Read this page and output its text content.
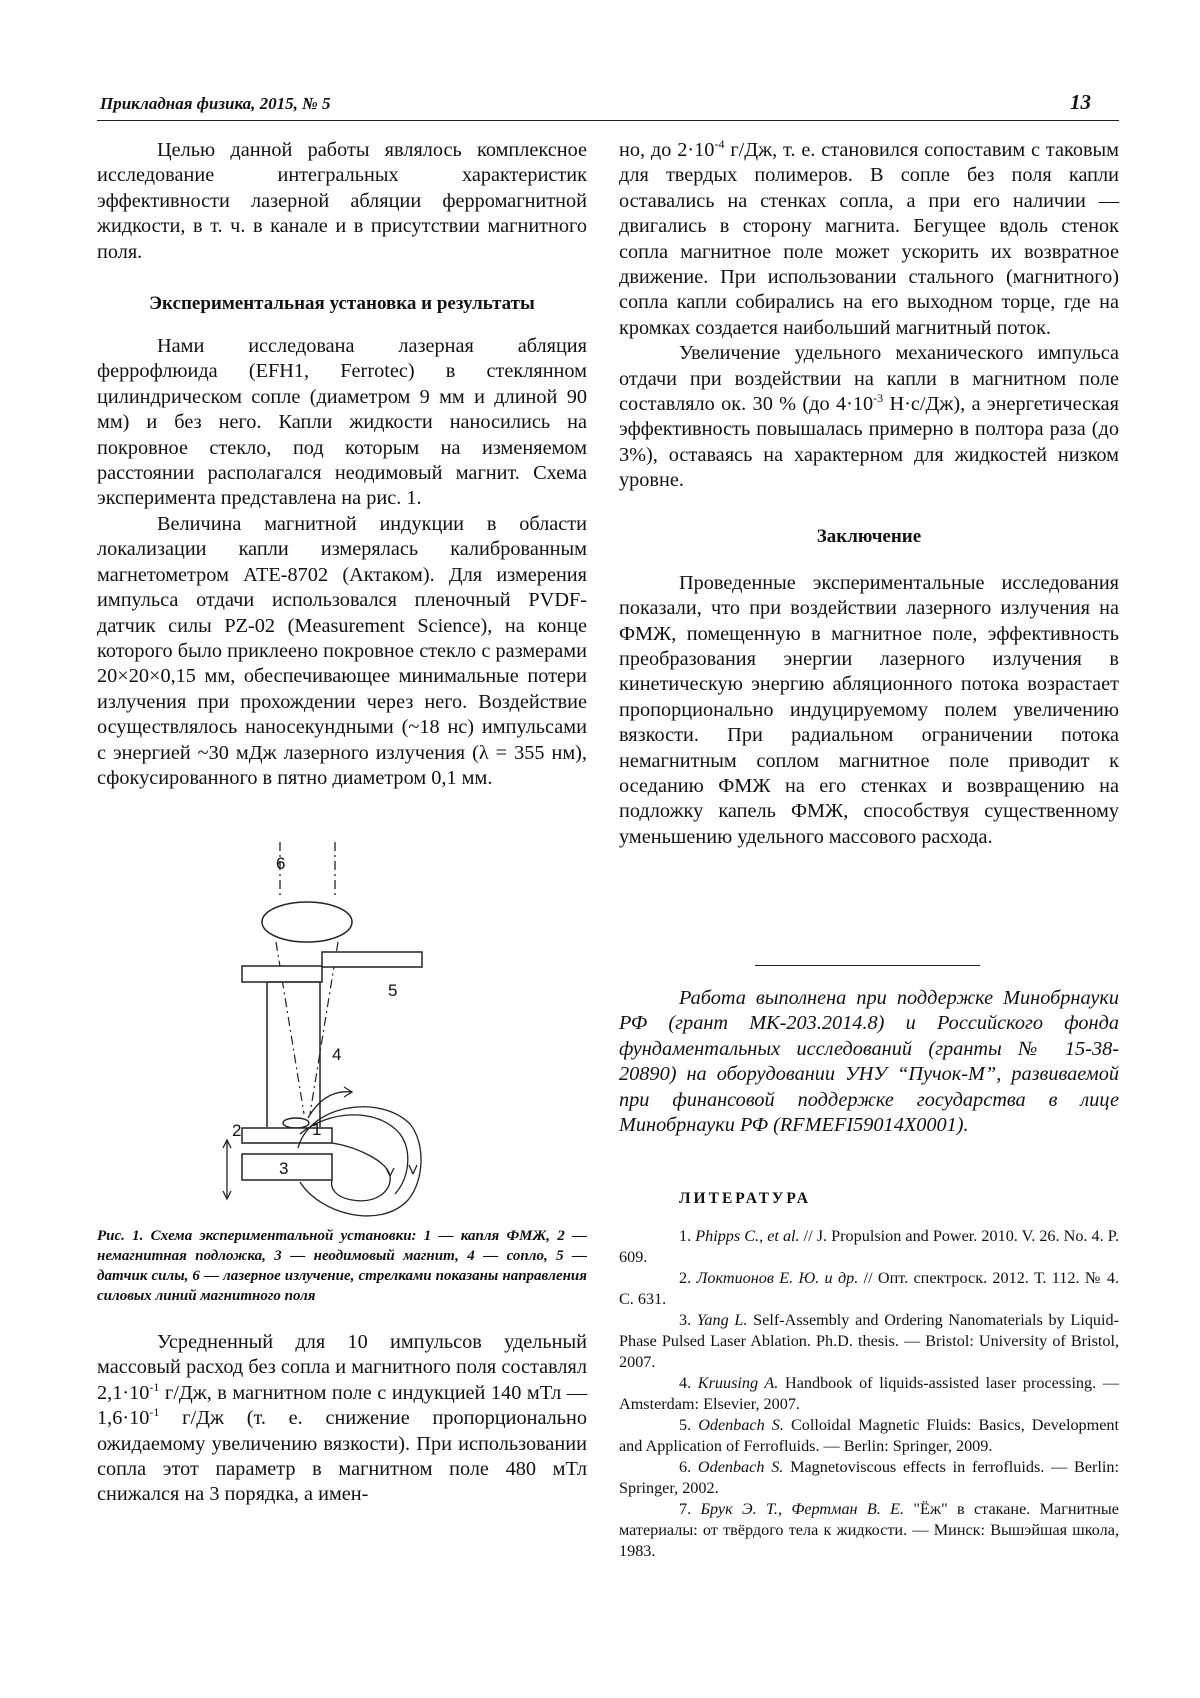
Прикладная физика, 2015, № 5	13

Целью данной работы являлось комплексное исследование интегральных характеристик эффективности лазерной абляции ферромагнитной жидкости, в т. ч. в канале и в присутствии магнитного поля.

Экспериментальная установка и результаты

Нами исследована лазерная абляция феррофлюида (EFH1, Ferrotec) в стеклянном цилиндрическом сопле (диаметром 9 мм и длиной 90 мм) и без него. Капли жидкости наносились на покровное стекло, под которым на изменяемом расстоянии располагался неодимовый магнит. Схема эксперимента представлена на рис. 1.

Величина магнитной индукции в области локализации капли измерялась калиброванным магнетометром АТЕ-8702 (Актаком). Для измерения импульса отдачи использовался пленочный PVDF-датчик силы PZ-02 (Measurement Science), на конце которого было приклеено покровное стекло с размерами 20×20×0,15 мм, обеспечивающее минимальные потери излучения при прохождении через него. Воздействие осуществлялось наносекундными (~18 нс) импульсами с энергией ~30 мДж лазерного излучения (λ = 355 нм), сфокусированного в пятно диаметром 0,1 мм.

6
5
4
1
2
3

Рис. 1. Схема экспериментальной установки: 1 — капля ФМЖ, 2 — немагнитная подложка, 3 — неодимовый магнит, 4 — сопло, 5 — датчик силы, 6 — лазерное излучение, стрелками показаны направления силовых линий магнитного поля

Усредненный для 10 импульсов удельный массовый расход без сопла и магнитного поля составлял $2,1\cdot 10^{-1}$ г/Дж, в магнитном поле с индукцией 140 мТл — $1,6\cdot 10^{-1}$ г/Дж (т. е. снижение пропорционально ожидаемому увеличению вязкости). При использовании сопла этот параметр в магнитном поле 480 мТл снижался на 3 порядка, а имен-

но, до $2\cdot 10^{-4}$ г/Дж, т. е. становился сопоставим с таковым для твердых полимеров. В сопле без поля капли оставались на стенках сопла, а при его наличии — двигались в сторону магнита. Бегущее вдоль стенок сопла магнитное поле может ускорить их возвратное движение. При использовании стального (магнитного) сопла капли собирались на его выходном торце, где на кромках создается наибольший магнитный поток.

Увеличение удельного механического импульса отдачи при воздействии на капли в магнитном поле составляло ок. 30 % (до $4\cdot 10^{-3}$ Н·с/Дж), а энергетическая эффективность повышалась примерно в полтора раза (до 3%), оставаясь на характерном для жидкостей низком уровне.

Заключение

Проведенные экспериментальные исследования показали, что при воздействии лазерного излучения на ФМЖ, помещенную в магнитное поле, эффективность преобразования энергии лазерного излучения в кинетическую энергию абляционного потока возрастает пропорционально индуцируемому полем увеличению вязкости. При радиальном ограничении потока немагнитным соплом магнитное поле приводит к оседанию ФМЖ на его стенках и возвращению на подложку капель ФМЖ, способствуя существенному уменьшению удельного массового расхода.

Работа выполнена при поддержке Минобрнауки РФ (грант МК-203.2014.8) и Российского фонда фундаментальных исследований (гранты № 15-38-20890) на оборудовании УНУ “Пучок-М”, развиваемой при финансовой поддержке государства в лице Минобрнауки РФ (RFMEFI59014X0001).

ЛИТЕРАТУРА

1. Phipps C., et al. // J. Propulsion and Power. 2010. V. 26. No. 4. P. 609.

2. Локтионов Е. Ю. и др. // Опт. спектроск. 2012. Т. 112. № 4. С. 631.

3. Yang L. Self-Assembly and Ordering Nanomaterials by Liquid-Phase Pulsed Laser Ablation. Ph.D. thesis. — Bristol: University of Bristol, 2007.

4. Kruusing A. Handbook of liquids-assisted laser processing. — Amsterdam: Elsevier, 2007.

5. Odenbach S. Colloidal Magnetic Fluids: Basics, Development and Application of Ferrofluids. — Berlin: Springer, 2009.

6. Odenbach S. Magnetoviscous effects in ferrofluids. — Berlin: Springer, 2002.

7. Брук Э. Т., Фертман В. Е. "Ёж" в стакане. Магнитные материалы: от твёрдого тела к жидкости. — Минск: Вышэйшая школа, 1983.
